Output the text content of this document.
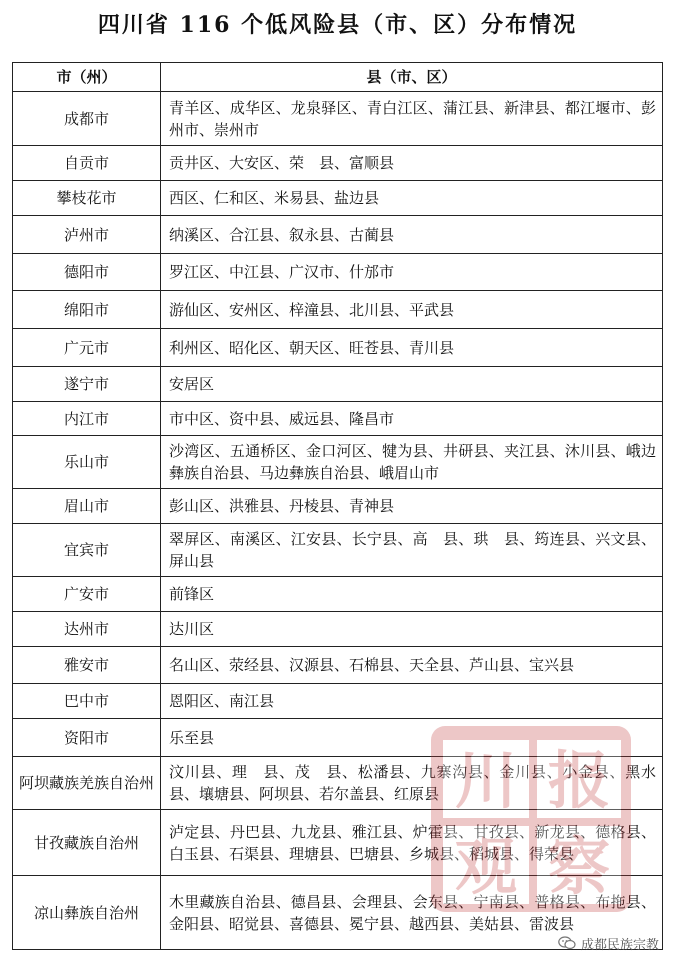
四川省 116 个低风险县（市、区）分布情况
市（州）	县（市、区）
成都市	青羊区、成华区、龙泉驿区、青白江区、蒲江县、新津县、都江堰市、彭州市、崇州市
自贡市	贡井区、大安区、荣　县、富顺县
攀枝花市	西区、仁和区、米易县、盐边县
泸州市	纳溪区、合江县、叙永县、古蔺县
德阳市	罗江区、中江县、广汉市、什邡市
绵阳市	游仙区、安州区、梓潼县、北川县、平武县
广元市	利州区、昭化区、朝天区、旺苍县、青川县
遂宁市	安居区
内江市	市中区、资中县、威远县、隆昌市
乐山市	沙湾区、五通桥区、金口河区、犍为县、井研县、夹江县、沐川县、峨边彝族自治县、马边彝族自治县、峨眉山市
眉山市	彭山区、洪雅县、丹棱县、青神县
宜宾市	翠屏区、南溪区、江安县、长宁县、高　县、珙　县、筠连县、兴文县、屏山县
广安市	前锋区
达州市	达川区
雅安市	名山区、荥经县、汉源县、石棉县、天全县、芦山县、宝兴县
巴中市	恩阳区、南江县
资阳市	乐至县
阿坝藏族羌族自治州	汶川县、理　县、茂　县、松潘县、九寨沟县、金川县、小金县、黑水县、壤塘县、阿坝县、若尔盖县、红原县
甘孜藏族自治州	泸定县、丹巴县、九龙县、雅江县、炉霍县、甘孜县、新龙县、德格县、白玉县、石渠县、理塘县、巴塘县、乡城县、稻城县、得荣县
凉山彝族自治州	木里藏族自治县、德昌县、会理县、会东县、宁南县、普格县、布拖县、金阳县、昭觉县、喜德县、冕宁县、越西县、美姑县、雷波县
川 报
观 察
成都民族宗教
